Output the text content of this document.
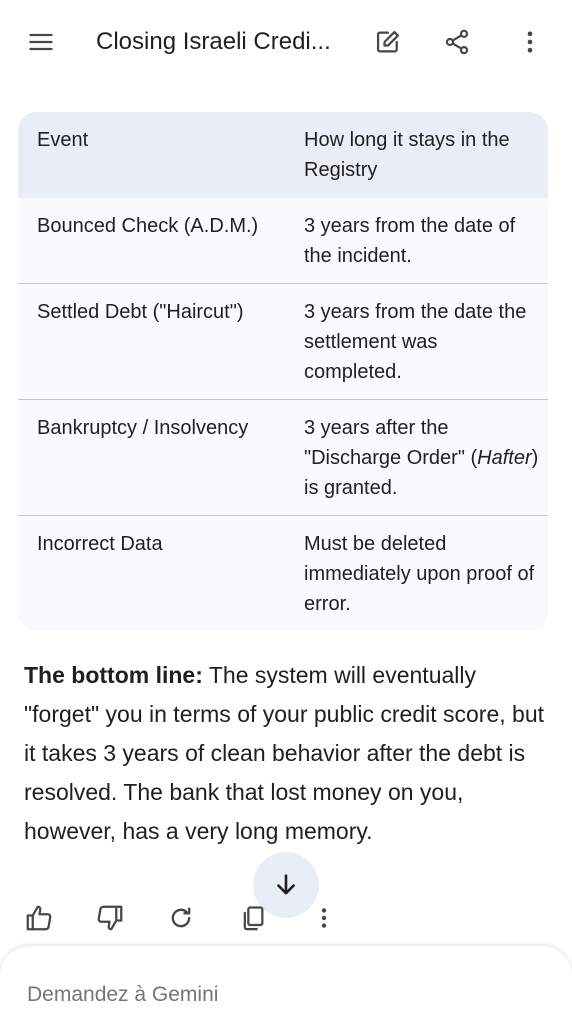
Closing Israeli Credi...
Event	How long it stays in the Registry
Bounced Check (A.D.M.)	3 years from the date of the incident.
Settled Debt ("Haircut")	3 years from the date the settlement was completed.
Bankruptcy / Insolvency	3 years after the "Discharge Order" (Hafter) is granted.
Incorrect Data	Must be deleted immediately upon proof of error.

The bottom line: The system will eventually "forget" you in terms of your public credit score, but it takes 3 years of clean behavior after the debt is resolved. The bank that lost money on you, however, has a very long memory.

Demandez à Gemini
